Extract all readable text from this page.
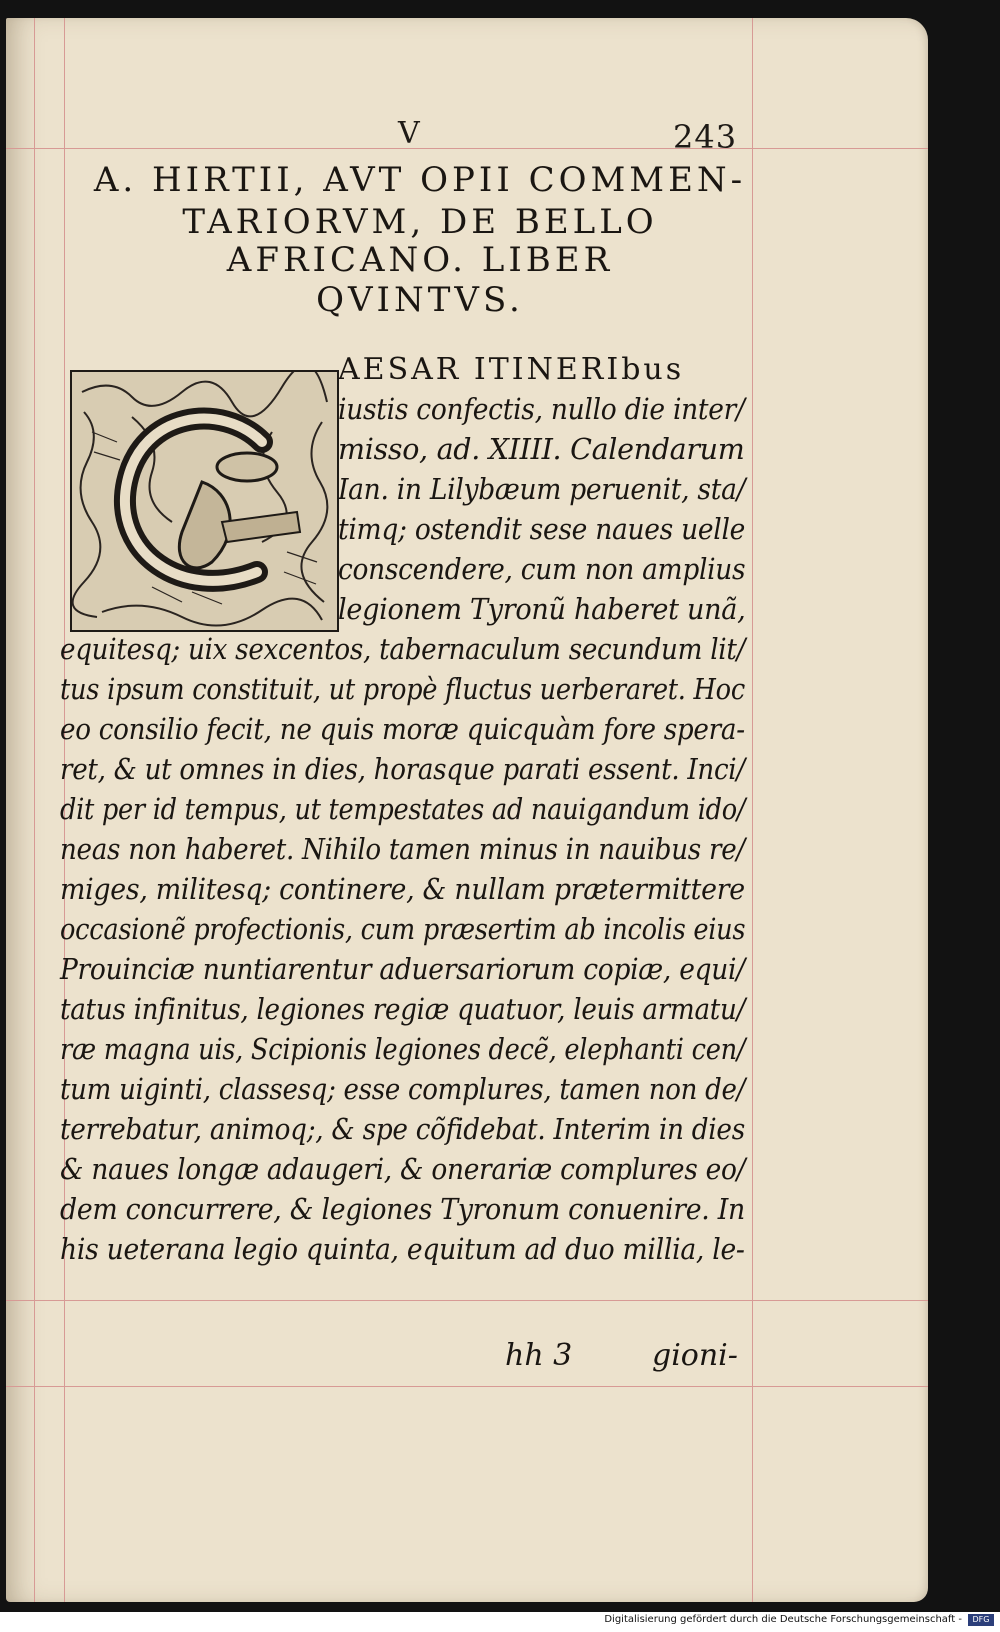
V	243
A. HIRTII, AVT OPII COMMEN-
TARIORVM, DE BELLO
AFRICANO. LIBER
QVINTVS.
AESAR ITINERIbus
iustis confectis, nullo die inter/
misso, ad. XIIII. Calendarum
Ian. in Lilybæum peruenit, sta/
timq; ostendit sese naues uelle
conscendere, cum non amplius
legionem Tyronũ haberet unã,
equitesq; uix sexcentos, tabernaculum secundum lit/
tus ipsum constituit, ut propè fluctus uerberaret. Hoc
eo consilio fecit, ne quis moræ quicquàm fore spera-
ret, & ut omnes in dies, horasque parati essent. Inci/
dit per id tempus, ut tempestates ad nauigandum ido/
neas non haberet. Nihilo tamen minus in nauibus re/
miges, militesq; continere, & nullam prætermittere
occasionẽ profectionis, cum præsertim ab incolis eius
Prouinciæ nuntiarentur aduersariorum copiæ, equi/
tatus infinitus, legiones regiæ quatuor, leuis armatu/
ræ magna uis, Scipionis legiones decẽ, elephanti cen/
tum uiginti, classesq; esse complures, tamen non de/
terrebatur, animoq;, & spe cõfidebat. Interim in dies
& naues longæ adaugeri, & onerariæ complures eo/
dem concurrere, & legiones Tyronum conuenire. In
his ueterana legio quinta, equitum ad duo millia, le-
hh 3	gioni-
Digitalisierung gefördert durch die Deutsche Forschungsgemeinschaft -	DFG
